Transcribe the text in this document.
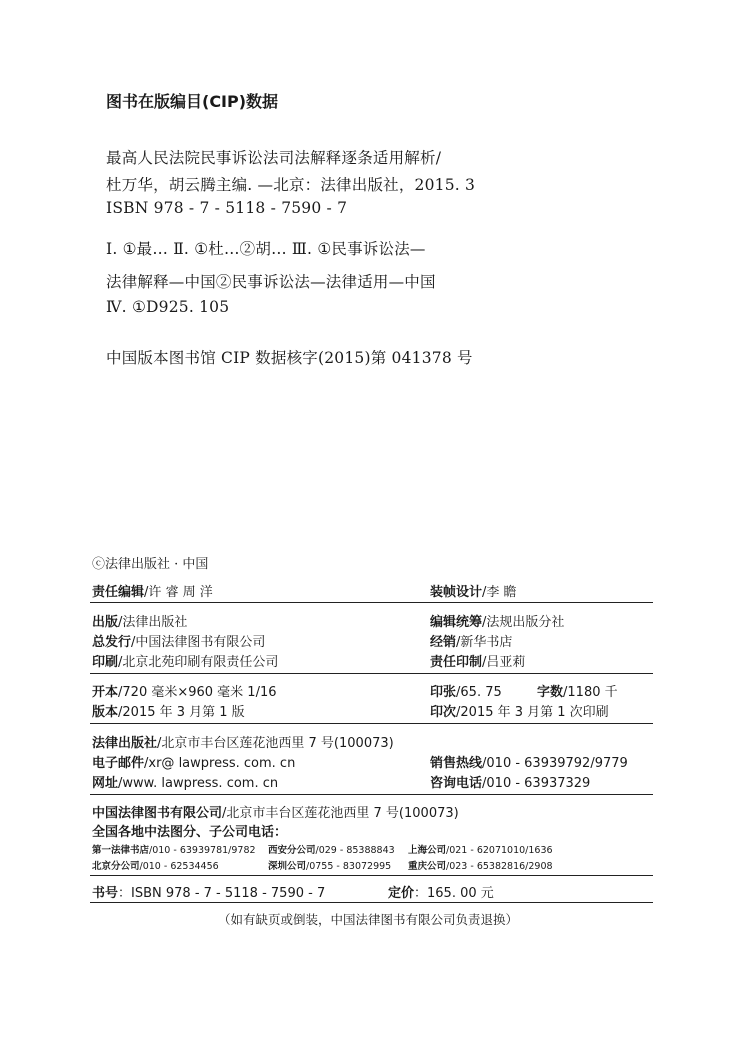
图书在版编目(CIP)数据
最高人民法院民事诉讼法司法解释逐条适用解析/
杜万华，胡云腾主编. —北京：法律出版社，2015. 3
ISBN 978 - 7 - 5118 - 7590 - 7
Ⅰ. ①最… Ⅱ. ①杜…②胡… Ⅲ. ①民事诉讼法—
法律解释—中国②民事诉讼法—法律适用—中国
Ⅳ. ①D925. 105
中国版本图书馆 CIP 数据核字(2015)第 041378 号
ⓒ法律出版社 · 中国
责任编辑/许 睿 周 洋	装帧设计/李 瞻
出版/法律出版社	编辑统筹/法规出版分社
总发行/中国法律图书有限公司	经销/新华书店
印刷/北京北苑印刷有限责任公司	责任印制/吕亚莉
开本/720 毫米×960 毫米 1/16	印张/65. 75	字数/1180 千
版本/2015 年 3 月第 1 版	印次/2015 年 3 月第 1 次印刷
法律出版社/北京市丰台区莲花池西里 7 号(100073)
电子邮件/xr@ lawpress. com. cn	销售热线/010 - 63939792/9779
网址/www. lawpress. com. cn	咨询电话/010 - 63937329
中国法律图书有限公司/北京市丰台区莲花池西里 7 号(100073)
全国各地中法图分、子公司电话：
第一法律书店/010 - 63939781/9782 西安分公司/029 - 85388843 上海公司/021 - 62071010/1636
北京分公司/010 - 62534456	深圳公司/0755 - 83072995 重庆公司/023 - 65382816/2908
书号：ISBN 978 - 7 - 5118 - 7590 - 7	定价：165. 00 元
（如有缺页或倒装，中国法律图书有限公司负责退换）
